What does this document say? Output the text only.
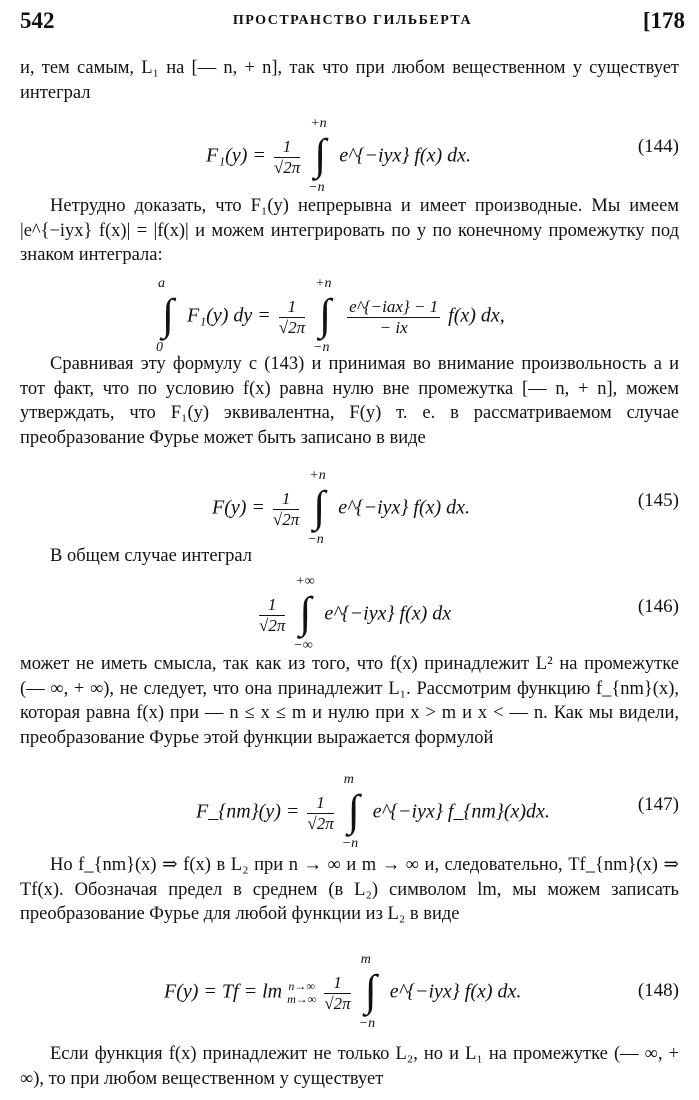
542	ПРОСТРАНСТВО ГИЛЬБЕРТА	[178

и, тем самым, L₁ на [— n, + n], так что при любом вещественном y существует интеграл

$F_1(y) = \frac{1}{√2\pi}$

+n
∫
−n
e^{−iyx} f(x) dx.	(144)

Нетрудно доказать, что F₁(y) непрерывна и имеет производные. Мы имеем |e^{−iyx} f(x)| = |f(x)| и можем интегрировать по y по конечному промежутку под знаком интеграла:

a
∫
0
F₁(y) dy = $\frac{1}{√2\pi}$

+n
∫
−n

$\frac{\text{e\textasciicircum{}\{−iax\} − 1}}{- ix} f(x)$ dx,

Сравнивая эту формулу с (143) и принимая во внимание произвольность a и тот факт, что по условию f(x) равна нулю вне промежутка [— n, + n], можем утверждать, что F₁(y) эквивалентна, F(y) т. е. в рассматриваемом случае преобразование Фурье может быть записано в виде

$F(y) = \frac{1}{√2\pi}$

+n
∫
−n
e^{−iyx} f(x) dx.	(145)

В общем случае интеграл

$\frac{1}{√2\pi}$

+∞
∫
−∞
e^{−iyx} f(x) dx	(146)

может не иметь смысла, так как из того, что f(x) принадлежит L² на промежутке (— ∞, + ∞), не следует, что она принадлежит L₁. Рассмотрим функцию f_{nm}(x), которая равна f(x) при — n ≤ x ≤ m и нулю при x > m и x < — n. Как мы видели, преобразование Фурье этой функции выражается формулой

F_{nm}(y) = $\frac{1}{√2\pi}$

m
∫
−n
e^{−iyx} f_{nm}(x)dx.	(147)

Но f_{nm}(x) ⇒ f(x) в L₂ при n → ∞ и m → ∞ и, следовательно, Tf_{nm}(x) ⇒ Tf(x). Обозначая предел в среднем (в L₂) символом lm, мы можем записать преобразование Фурье для любой функции из L₂ в виде

F(y) = Tf = lm n→∞
m→∞
$\frac{1}{√2\pi}$

m
∫
−n
e^{−iyx} f(x) dx.	(148)

Если функция f(x) принадлежит не только L₂, но и L₁ на промежутке (— ∞, + ∞), то при любом вещественном y существует
